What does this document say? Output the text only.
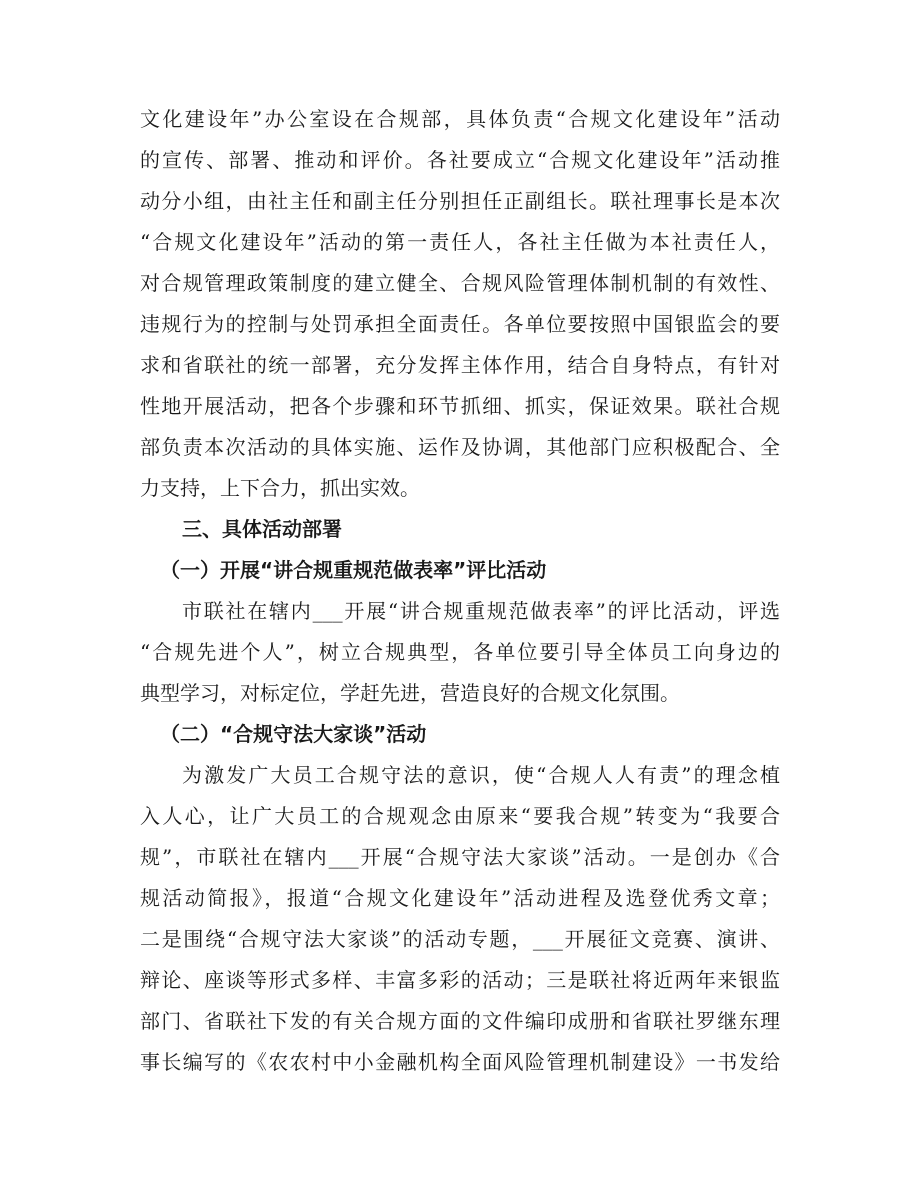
文化建设年”办公室设在合规部，具体负责“合规文化建设年”活动
的宣传、部署、推动和评价。各社要成立“合规文化建设年”活动推
动分小组，由社主任和副主任分别担任正副组长。联社理事长是本次
“合规文化建设年”活动的第一责任人，各社主任做为本社责任人，
对合规管理政策制度的建立健全、合规风险管理体制机制的有效性、
违规行为的控制与处罚承担全面责任。各单位要按照中国银监会的要
求和省联社的统一部署，充分发挥主体作用，结合自身特点，有针对
性地开展活动，把各个步骤和环节抓细、抓实，保证效果。联社合规
部负责本次活动的具体实施、运作及协调，其他部门应积极配合、全
力支持，上下合力，抓出实效。
三、具体活动部署
（一）开展“讲合规重规范做表率”评比活动
市联社在辖内___开展“讲合规重规范做表率”的评比活动，评选
“合规先进个人”，树立合规典型，各单位要引导全体员工向身边的
典型学习，对标定位，学赶先进，营造良好的合规文化氛围。
（二）“合规守法大家谈”活动
为激发广大员工合规守法的意识，使“合规人人有责”的理念植
入人心，让广大员工的合规观念由原来“要我合规”转变为“我要合
规”，市联社在辖内___开展“合规守法大家谈”活动。一是创办《合
规活动简报》，报道“合规文化建设年”活动进程及选登优秀文章；
二是围绕“合规守法大家谈”的活动专题，___开展征文竞赛、演讲、
辩论、座谈等形式多样、丰富多彩的活动；三是联社将近两年来银监
部门、省联社下发的有关合规方面的文件编印成册和省联社罗继东理
事长编写的《农农村中小金融机构全面风险管理机制建设》一书发给
